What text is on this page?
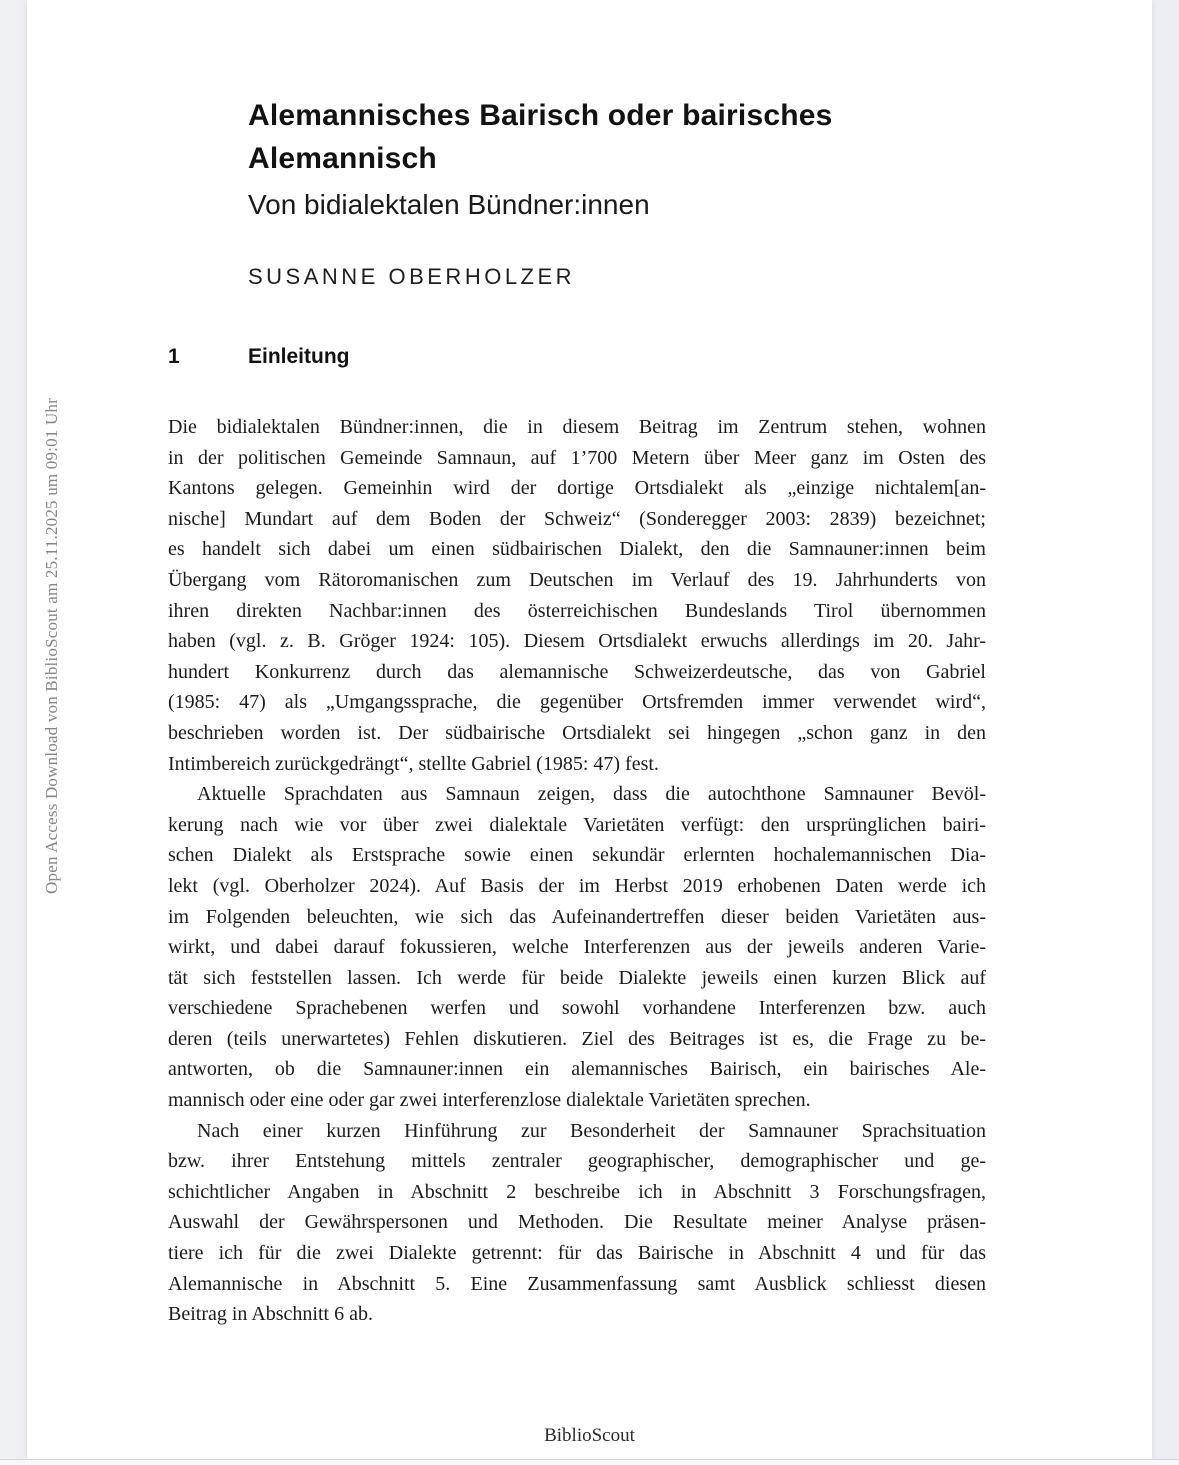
Open Access Download von BiblioScout am 25.11.2025 um 09:01 Uhr
Alemannisches Bairisch oder bairisches
Alemannisch
Von bidialektalen Bündner:innen
SUSANNE OBERHOLZER
1	Einleitung
Die bidialektalen Bündner:innen, die in diesem Beitrag im Zentrum stehen, wohnen
in der politischen Gemeinde Samnaun, auf 1’700 Metern über Meer ganz im Osten des
Kantons gelegen. Gemeinhin wird der dortige Ortsdialekt als „einzige nichtalem[an-
nische] Mundart auf dem Boden der Schweiz“ (Sonderegger 2003: 2839) bezeichnet;
es handelt sich dabei um einen südbairischen Dialekt, den die Samnauner:innen beim
Übergang vom Rätoromanischen zum Deutschen im Verlauf des 19. Jahrhunderts von
ihren direkten Nachbar:innen des österreichischen Bundeslands Tirol übernommen
haben (vgl. z. B. Gröger 1924: 105). Diesem Ortsdialekt erwuchs allerdings im 20. Jahr-
hundert Konkurrenz durch das alemannische Schweizerdeutsche, das von Gabriel
(1985: 47) als „Umgangssprache, die gegenüber Ortsfremden immer verwendet wird“,
beschrieben worden ist. Der südbairische Ortsdialekt sei hingegen „schon ganz in den
Intimbereich zurückgedrängt“, stellte Gabriel (1985: 47) fest.
Aktuelle Sprachdaten aus Samnaun zeigen, dass die autochthone Samnauner Bevöl-
kerung nach wie vor über zwei dialektale Varietäten verfügt: den ursprünglichen bairi-
schen Dialekt als Erstsprache sowie einen sekundär erlernten hochalemannischen Dia-
lekt (vgl. Oberholzer 2024). Auf Basis der im Herbst 2019 erhobenen Daten werde ich
im Folgenden beleuchten, wie sich das Aufeinandertreffen dieser beiden Varietäten aus-
wirkt, und dabei darauf fokussieren, welche Interferenzen aus der jeweils anderen Varie-
tät sich feststellen lassen. Ich werde für beide Dialekte jeweils einen kurzen Blick auf
verschiedene Sprachebenen werfen und sowohl vorhandene Interferenzen bzw. auch
deren (teils unerwartetes) Fehlen diskutieren. Ziel des Beitrages ist es, die Frage zu be-
antworten, ob die Samnauner:innen ein alemannisches Bairisch, ein bairisches Ale-
mannisch oder eine oder gar zwei interferenzlose dialektale Varietäten sprechen.
Nach einer kurzen Hinführung zur Besonderheit der Samnauner Sprachsituation
bzw. ihrer Entstehung mittels zentraler geographischer, demographischer und ge-
schichtlicher Angaben in Abschnitt 2 beschreibe ich in Abschnitt 3 Forschungsfragen,
Auswahl der Gewährspersonen und Methoden. Die Resultate meiner Analyse präsen-
tiere ich für die zwei Dialekte getrennt: für das Bairische in Abschnitt 4 und für das
Alemannische in Abschnitt 5. Eine Zusammenfassung samt Ausblick schliesst diesen
Beitrag in Abschnitt 6 ab.
BiblioScout
